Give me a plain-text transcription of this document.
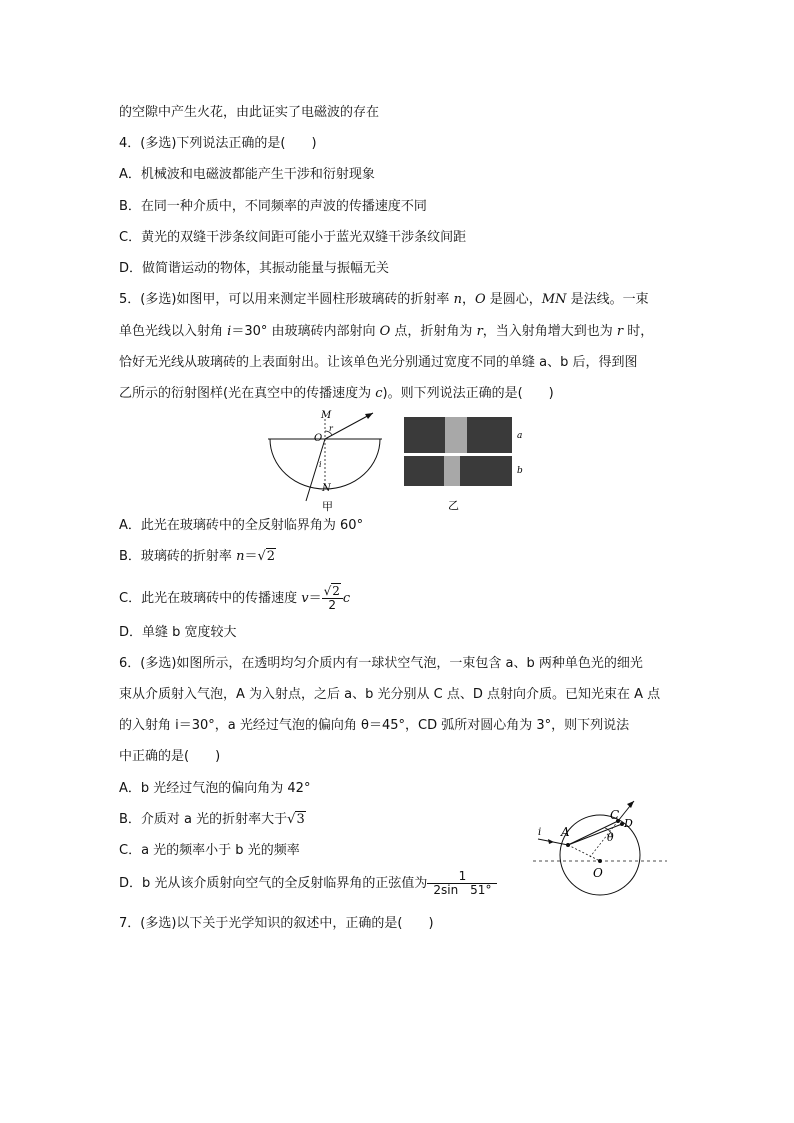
的空隙中产生火花，由此证实了电磁波的存在
4．(多选)下列说法正确的是(　　)
A．机械波和电磁波都能产生干涉和衍射现象
B．在同一种介质中，不同频率的声波的传播速度不同
C．黄光的双缝干涉条纹间距可能小于蓝光双缝干涉条纹间距
D．做简谐运动的物体，其振动能量与振幅无关
5．(多选)如图甲，可以用来测定半圆柱形玻璃砖的折射率 n，O 是圆心，MN 是法线。一束
单色光线以入射角 i＝30° 由玻璃砖内部射向 O 点，折射角为 r，当入射角增大到也为 r 时，
恰好无光线从玻璃砖的上表面射出。让该单色光分别通过宽度不同的单缝 a、b 后，得到图
乙所示的衍射图样(光在真空中的传播速度为 c)。则下列说法正确的是(　　)
M
O
r
i
N
甲
a
b
乙
A．此光在玻璃砖中的全反射临界角为 60°
B．玻璃砖的折射率 n＝√2
C．此光在玻璃砖中的传播速度 $v= \frac{√2}{2}$ c
D．单缝 b 宽度较大
6．(多选)如图所示，在透明均匀介质内有一球状空气泡，一束包含 a、b 两种单色光的细光
束从介质射入气泡，A 为入射点，之后 a、b 光分别从 C 点、D 点射向介质。已知光束在 A 点
的入射角 i＝30°，a 光经过气泡的偏向角 θ＝45°，CD 弧所对圆心角为 3°，则下列说法
中正确的是(　　)
A．b 光经过气泡的偏向角为 42°
B．介质对 a 光的折射率大于√3
C．a 光的频率小于 b 光的频率
D．b 光从该介质射向空气的全反射临界角的正弦值为 $\frac{1}{2\sin 51^\circ}$
C
D
A
i	θ
O
7．(多选)以下关于光学知识的叙述中，正确的是(　　)
